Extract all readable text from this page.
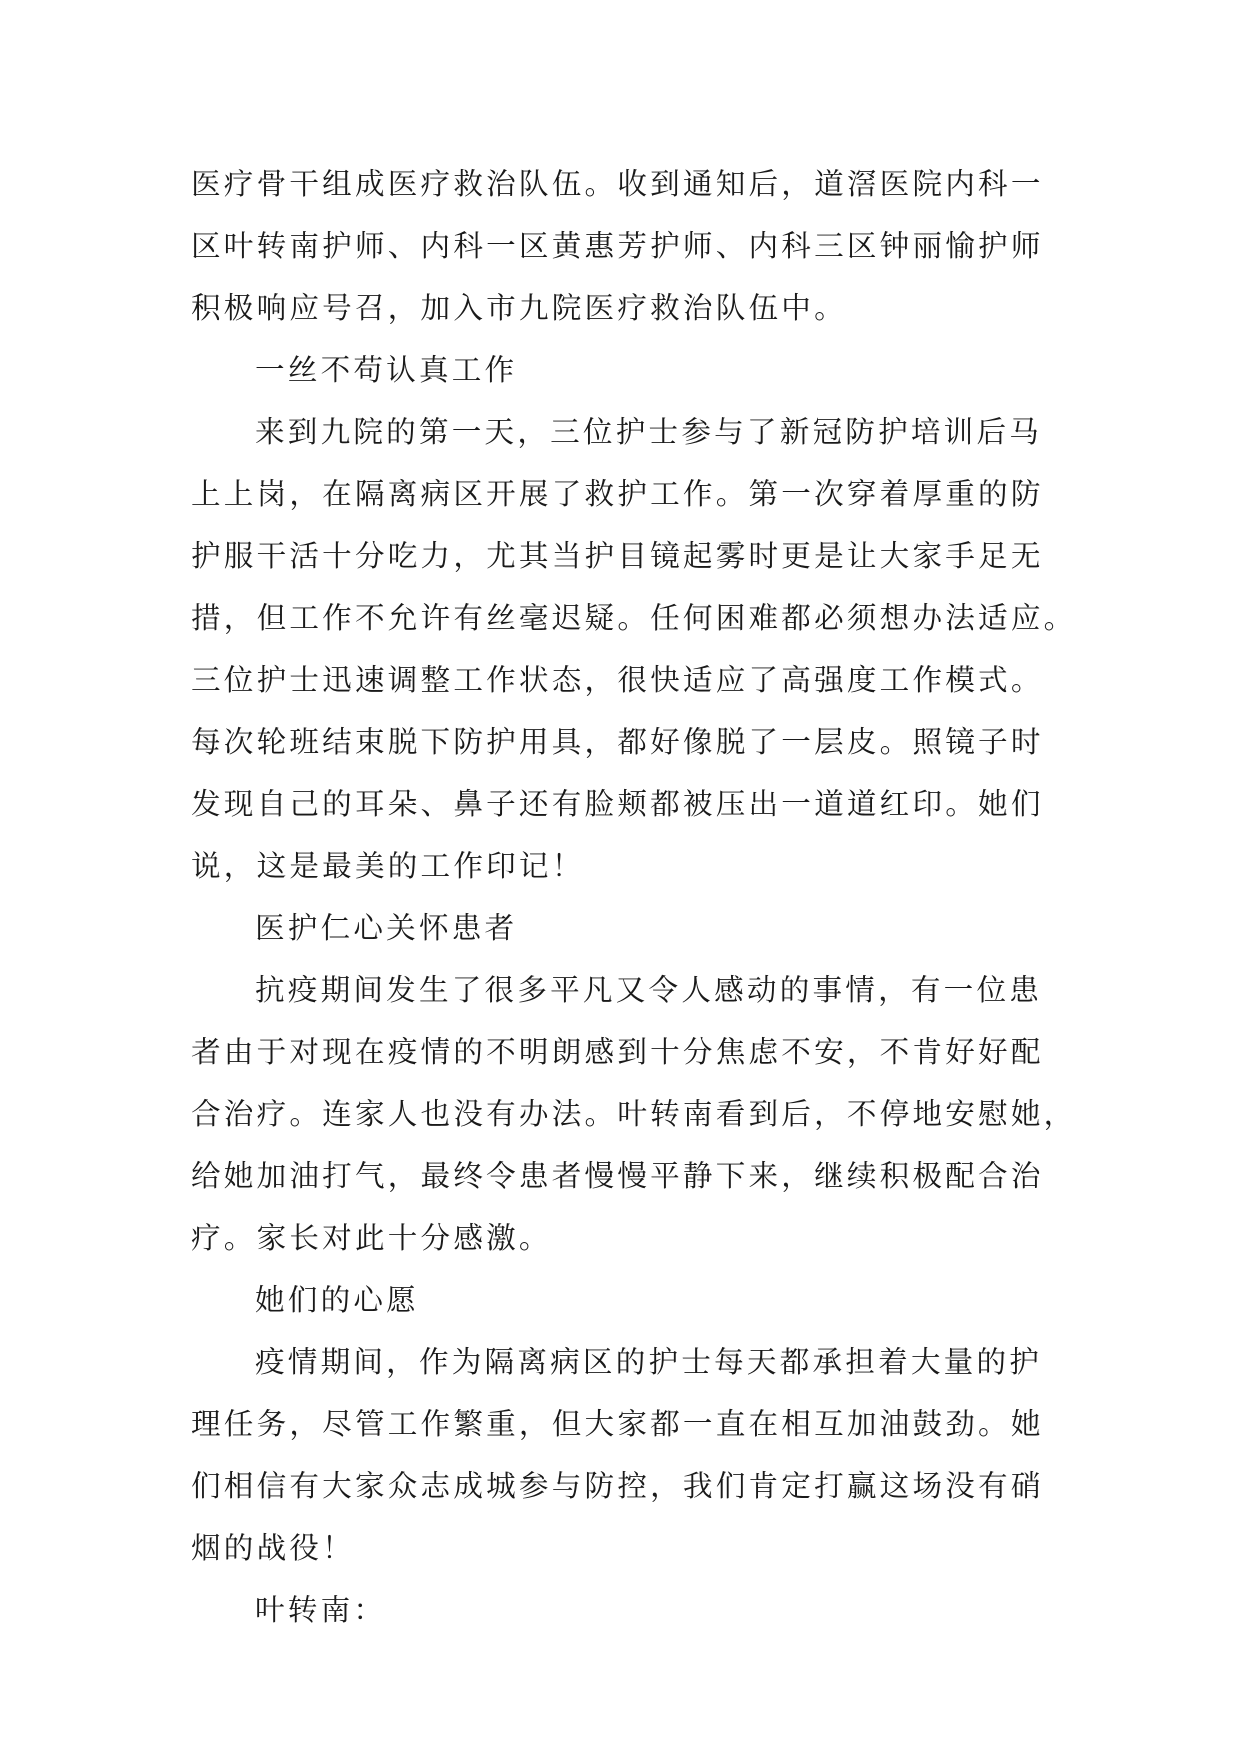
医疗骨干组成医疗救治队伍。收到通知后，道滘医院内科一
区叶转南护师、内科一区黄惠芳护师、内科三区钟丽愉护师
积极响应号召，加入市九院医疗救治队伍中。
一丝不苟认真工作
来到九院的第一天，三位护士参与了新冠防护培训后马
上上岗，在隔离病区开展了救护工作。第一次穿着厚重的防
护服干活十分吃力，尤其当护目镜起雾时更是让大家手足无
措，但工作不允许有丝毫迟疑。任何困难都必须想办法适应。
三位护士迅速调整工作状态，很快适应了高强度工作模式。
每次轮班结束脱下防护用具，都好像脱了一层皮。照镜子时
发现自己的耳朵、鼻子还有脸颊都被压出一道道红印。她们
说，这是最美的工作印记！
医护仁心关怀患者
抗疫期间发生了很多平凡又令人感动的事情，有一位患
者由于对现在疫情的不明朗感到十分焦虑不安，不肯好好配
合治疗。连家人也没有办法。叶转南看到后，不停地安慰她，
给她加油打气，最终令患者慢慢平静下来，继续积极配合治
疗。家长对此十分感激。
她们的心愿
疫情期间，作为隔离病区的护士每天都承担着大量的护
理任务，尽管工作繁重，但大家都一直在相互加油鼓劲。她
们相信有大家众志成城参与防控，我们肯定打赢这场没有硝
烟的战役！
叶转南：
